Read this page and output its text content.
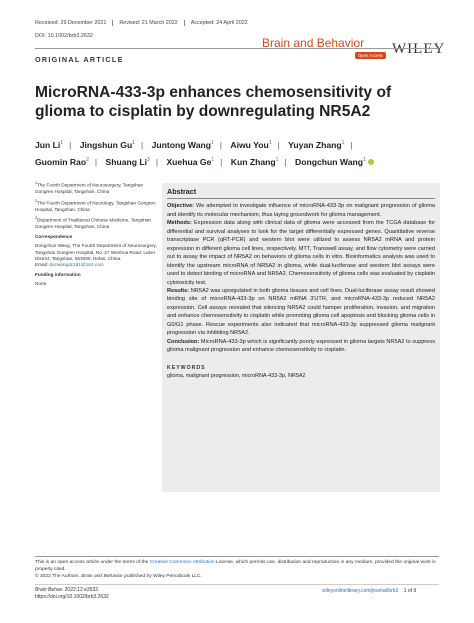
Received: 29 December 2021 Revised: 21 March 2022 Accepted: 24 April 2022
DOI: 10.1002/brb3.2632	Brain and Behavior
Open Access WILEY
ORIGINAL ARTICLE
MicroRNA-433-3p enhances chemosensitivity of glioma to cisplatin by downregulating NR5A2
Jun Li$^1$ | Jingshun Gu$^1$ | Juntong Wang$^1$ | Aiwu You$^1$ | Yuyan Zhang$^1$ |
Guomin Rao$^2$ | Shuang Li$^3$ | Xuehua Ge$^1$ | Kun Zhang$^1$ | Dongchun Wang$^1$

$^1$The Fourth Department of Neurosurgery, Tangshan Gongren Hospital, Tangshan, China

$^2$The Fourth Department of Neurology, Tangshan Gongren Hospital, Tangshan, China

$^3$Department of Traditional Chinese Medicine, Tangshan Gongren Hospital, Tangshan, China

Correspondence

Dongchun Wang, The Fourth Department of Neurosurgery, Tangshan Gongren Hospital, No. 27 Wenhua Road, Lubei District, Tangshan, 063000, Hebei, China.
Email: docwangdc191@163.com

Funding information

None.

Abstract

Objective: We attempted to investigate influence of microRNA-433-3p on malignant progression of glioma and identify its molecular mechanism, thus laying groundwork for glioma management.

Methods: Expression data along with clinical data of glioma were accessed from the TCGA database for differential and survival analyses to look for the target differentially expressed genes. Quantitative reverse transcriptase PCR (qRT-PCR) and western blot were utilized to assess NR5A2 mRNA and protein expression in different glioma cell lines, respectively. MTT, Transwell assay, and flow cytometry were carried out to assay the impact of NR5A2 on behaviors of glioma cells in vitro. Bioinformatics analysis was used to identify the upstream microRNA of NR5A2 in glioma, while dual-luciferase and western blot assays were used to detect binding of microRNA and NR5A2. Chemosensitivity of glioma cells was evaluated by cisplatin cytotoxicity test.

Results: NR5A2 was upregulated in both glioma tissues and cell lines. Dual-luciferase assay result showed binding site of microRNA-433-3p on NR5A2 mRNA 3′UTR, and microRNA-433-3p reduced NR5A2 expression. Cell assays revealed that silencing NR5A2 could hamper proliferation, invasion, and migration and enhance chemosensitivity to cisplatin while promoting glioma cell apoptosis and blocking glioma cells in G0/G1 phase. Rescue experiments also indicated that microRNA-433-3p suppressed glioma malignant progression via inhibiting NR5A2.

Conclusion: MicroRNA-433-3p which is significantly poorly expressed in glioma targets NR5A2 to suppress glioma malignant progression and enhance chemosensitivity to cisplatin.

KEYWORDS
glioma, malignant progression, microRNA-433-3p, NR5A2
This is an open access article under the terms of the Creative Commons Attribution License, which permits use, distribution and reproduction in any medium, provided the original work is properly cited.
© 2022 The Authors. Brain and Behavior published by Wiley Periodicals LLC.
Brain Behav. 2022;12:e2632.
https://doi.org/10.1002/brb3.2632
wileyonlinelibrary.com/journal/brb3 1 of 9
